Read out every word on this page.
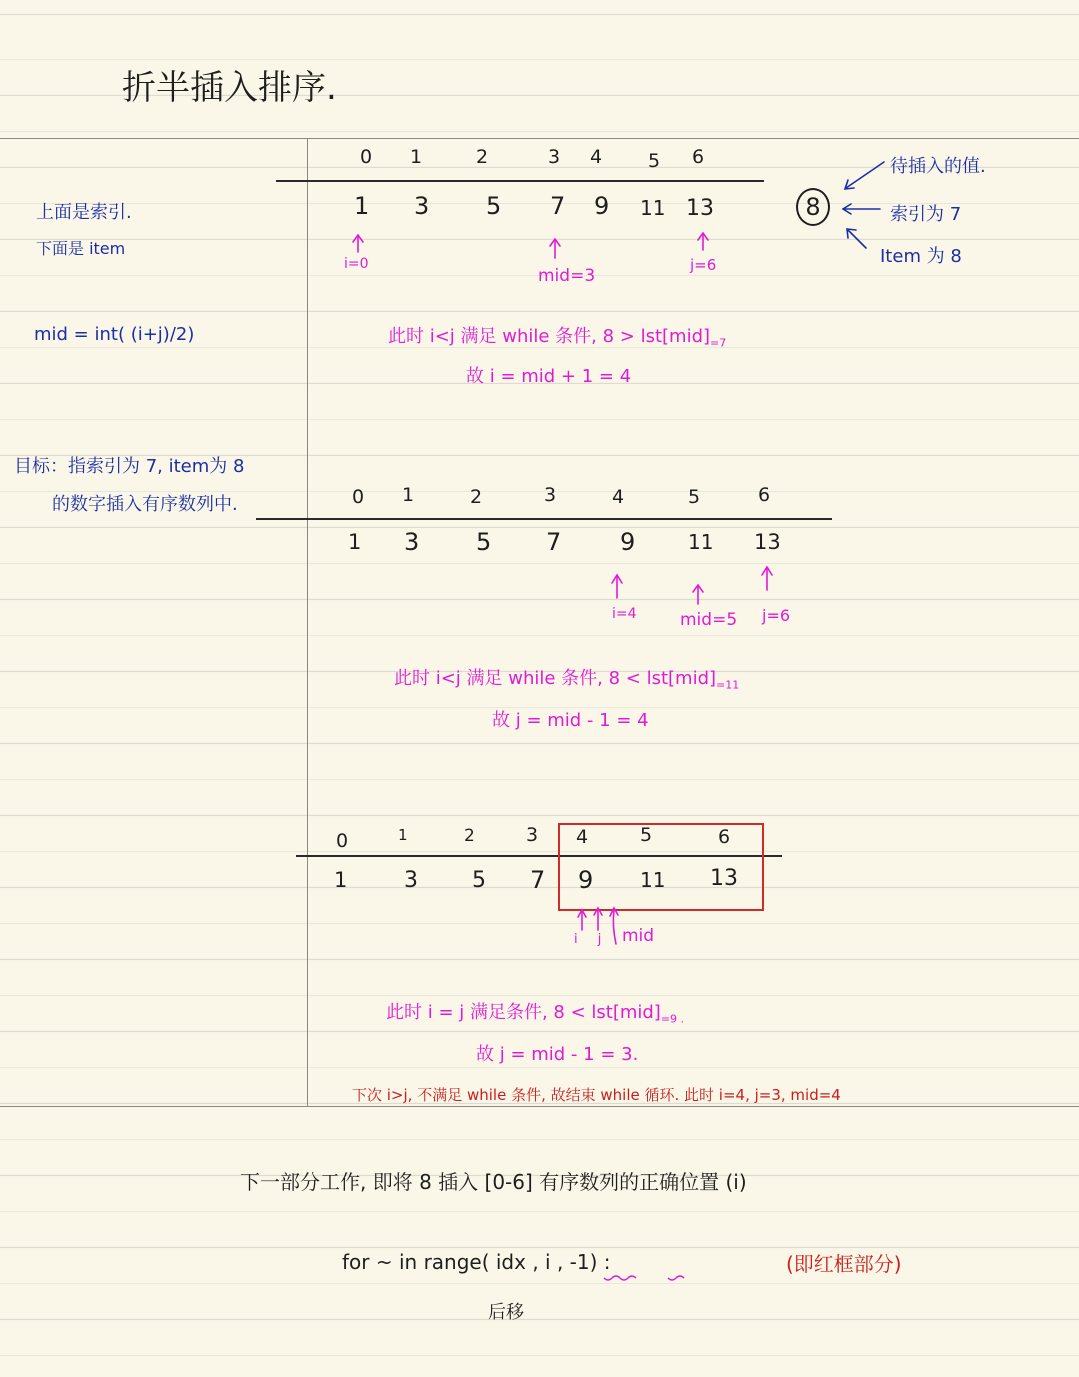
折半插入排序.
上面是索引.
下面是 item
mid = int( (i+j)/2)
目标：指索引为 7, item为 8
的数字插入有序数列中.
0 1	2	3 4 5 6
1 3 5 7 9 11 13	8
待插入的值.
索引为 7
Item 为 8
i=0
mid=3
j=6
此时 i<j 满足 while 条件, $8 > lst[mid]_{=7}$
故 i = mid + 1 = 4
0 1	2	3	4	5	6
1 3 5 7 9	11 13
i=4	mid=5 j=6
此时 i<j 满足 while 条件, $8 < lst[mid]_{=11}$
故 j = mid - 1 = 4
0	1	2	3 4	5	6
1	3 5 7 9 11 13
i j mid
此时 i = j 满足条件, $8 < lst[mid]_{=9 .}$
故 j = mid - 1 = 3.
下次 i>j, 不满足 while 条件, 故结束 while 循环. 此时 i=4, j=3, mid=4
下一部分工作, 即将 8 插入 [0-6] 有序数列的正确位置 (i)
for ~ in range( idx , i , -1) :	(即红框部分)
后移
